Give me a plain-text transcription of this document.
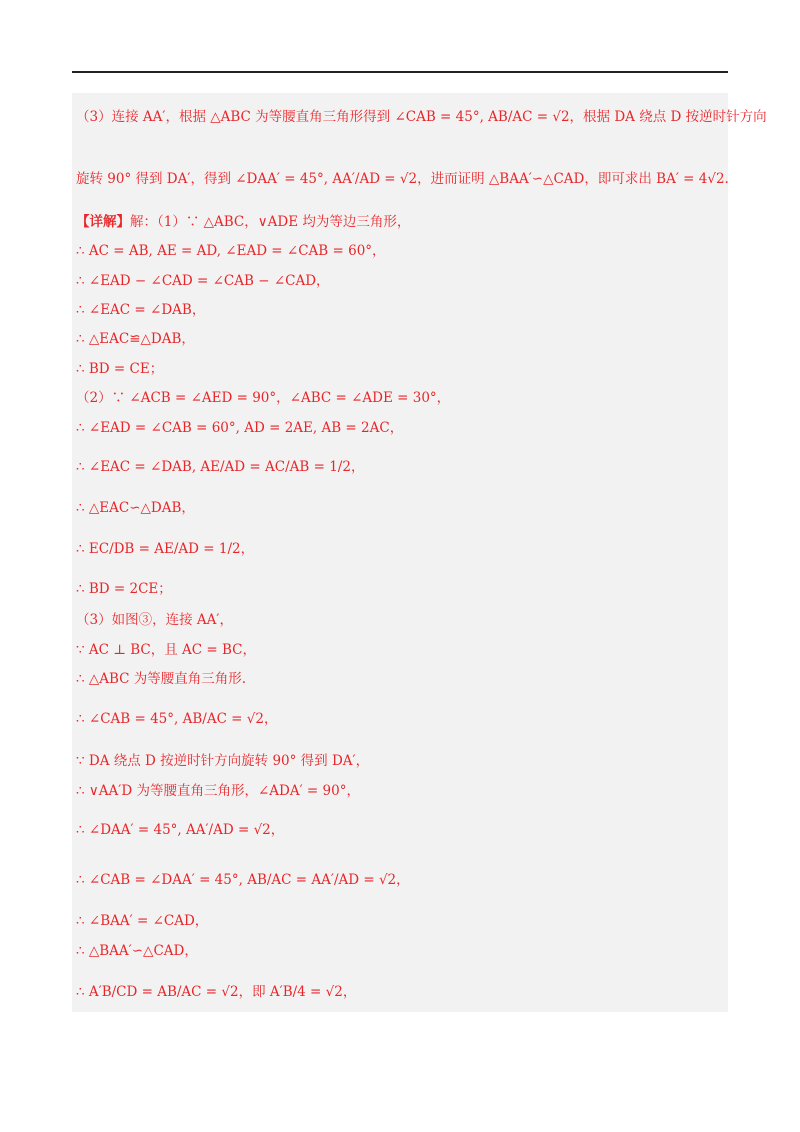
（3）连接 AA′，根据 △ABC 为等腰直角三角形得到 ∠CAB = 45°, AB/AC = √2，根据 DA 绕点 D 按逆时针方向
旋转 90° 得到 DA′，得到 ∠DAA′ = 45°, AA′/AD = √2，进而证明 △BAA′∽△CAD，即可求出 BA′ = 4√2.
【详解】解：（1）∵ △ABC，∨ADE 均为等边三角形，
∴ AC = AB, AE = AD, ∠EAD = ∠CAB = 60°，
∴ ∠EAD − ∠CAD = ∠CAB − ∠CAD，
∴ ∠EAC = ∠DAB，
∴ △EAC≌△DAB，
∴ BD = CE；
（2）∵ ∠ACB = ∠AED = 90°，∠ABC = ∠ADE = 30°，
∴ ∠EAD = ∠CAB = 60°, AD = 2AE, AB = 2AC，
∴ ∠EAC = ∠DAB, AE/AD = AC/AB = 1/2，
∴ △EAC∽△DAB，
∴ EC/DB = AE/AD = 1/2，
∴ BD = 2CE；
（3）如图③，连接 AA′，
∵ AC ⊥ BC，且 AC = BC，
∴ △ABC 为等腰直角三角形.
∴ ∠CAB = 45°, AB/AC = √2，
∵ DA 绕点 D 按逆时针方向旋转 90° 得到 DA′，
∴ ∨AA′D 为等腰直角三角形，∠ADA′ = 90°，
∴ ∠DAA′ = 45°, AA′/AD = √2，
∴ ∠CAB = ∠DAA′ = 45°, AB/AC = AA′/AD = √2，
∴ ∠BAA′ = ∠CAD，
∴ △BAA′∽△CAD，
∴ A′B/CD = AB/AC = √2，即 A′B/4 = √2，
